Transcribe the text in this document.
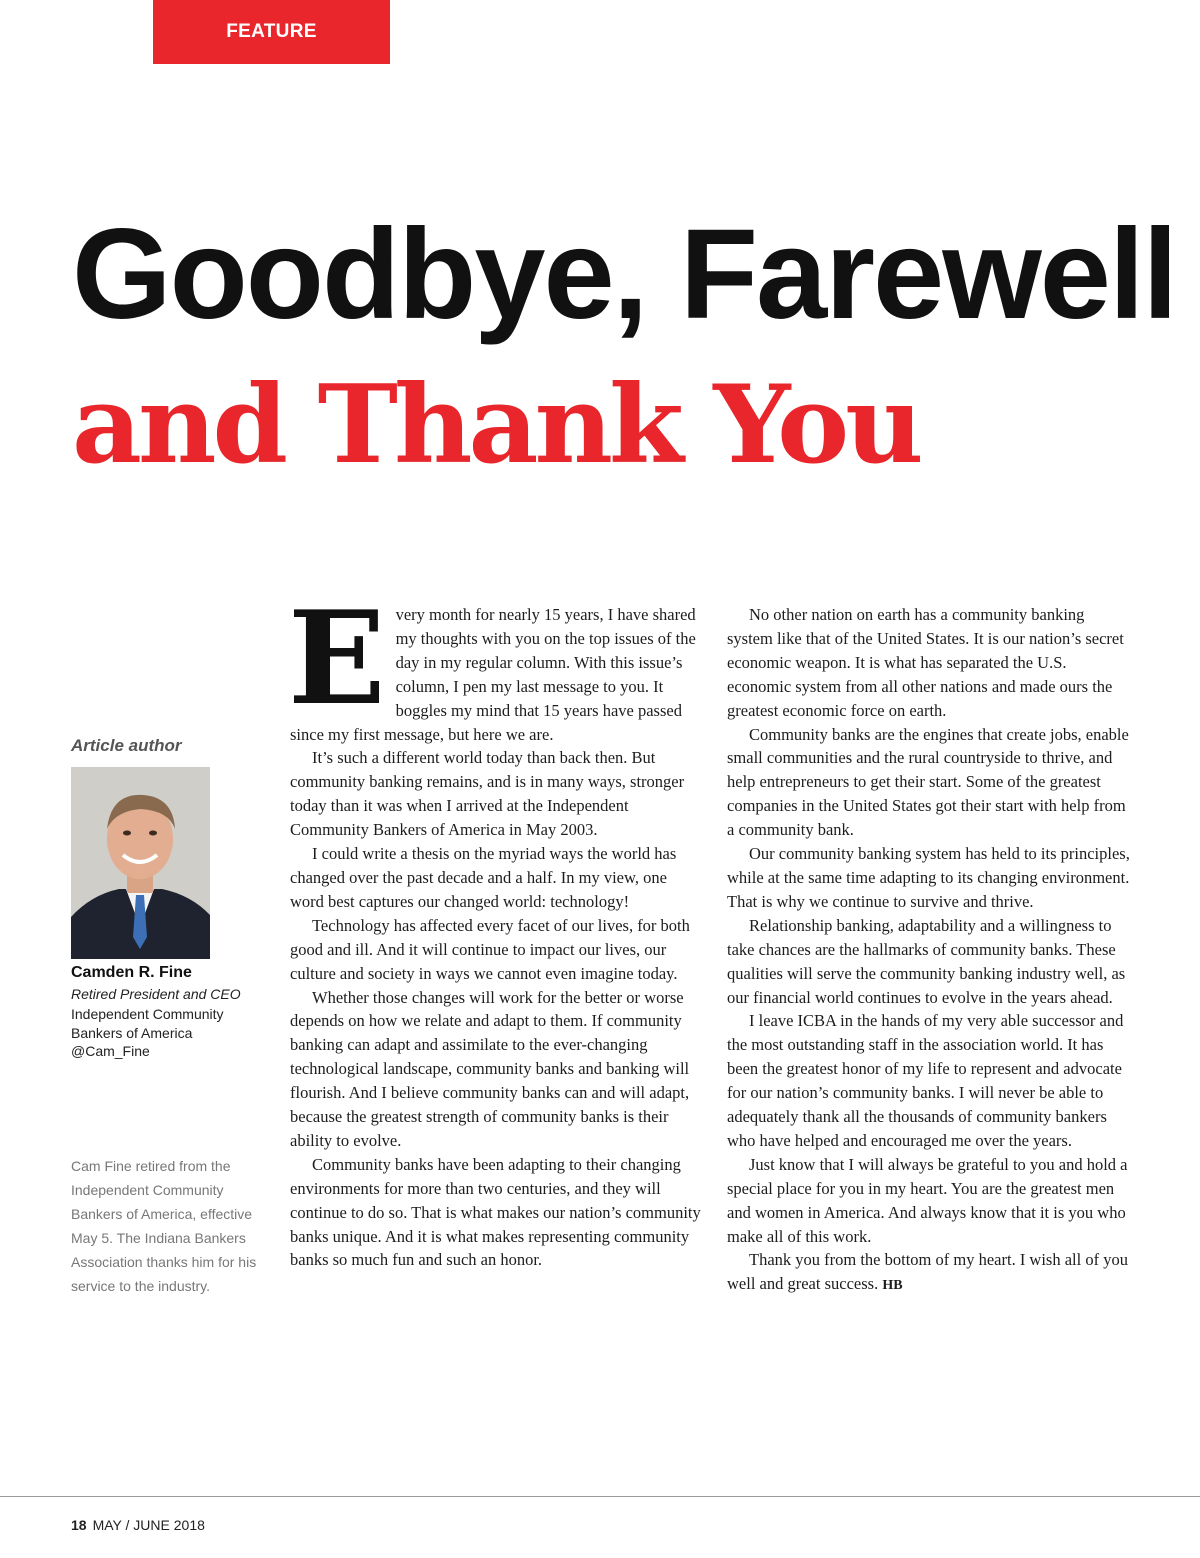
FEATURE
Goodbye, Farewell
and Thank You
Article author
Camden R. Fine
Retired President and CEO
Independent Community Bankers of America
@Cam_Fine
Cam Fine retired from the Independent Community Bankers of America, effective May 5. The Indiana Bankers Association thanks him for his service to the industry.

Every month for nearly 15 years, I have shared my thoughts with you on the top issues of the day in my regular column. With this issue’s column, I pen my last message to you. It boggles my mind that 15 years have passed since my first message, but here we are.

It’s such a different world today than back then. But community banking remains, and is in many ways, stronger today than it was when I arrived at the Independent Community Bankers of America in May 2003.

I could write a thesis on the myriad ways the world has changed over the past decade and a half. In my view, one word best captures our changed world: technology!

Technology has affected every facet of our lives, for both good and ill. And it will continue to impact our lives, our culture and society in ways we cannot even imagine today.

Whether those changes will work for the better or worse depends on how we relate and adapt to them. If community banking can adapt and assimilate to the ever-changing technological landscape, community banks and banking will flourish. And I believe community banks can and will adapt, because the greatest strength of community banks is their ability to evolve.

Community banks have been adapting to their changing environments for more than two centuries, and they will continue to do so. That is what makes our nation’s community banks unique. And it is what makes representing community banks so much fun and such an honor.

No other nation on earth has a community banking system like that of the United States. It is our nation’s secret economic weapon. It is what has separated the U.S. economic system from all other nations and made ours the greatest economic force on earth.

Community banks are the engines that create jobs, enable small communities and the rural countryside to thrive, and help entrepreneurs to get their start. Some of the greatest companies in the United States got their start with help from a community bank.

Our community banking system has held to its principles, while at the same time adapting to its changing environment. That is why we continue to survive and thrive.

Relationship banking, adaptability and a willingness to take chances are the hallmarks of community banks. These qualities will serve the community banking industry well, as our financial world continues to evolve in the years ahead.

I leave ICBA in the hands of my very able successor and the most outstanding staff in the association world. It has been the greatest honor of my life to represent and advocate for our nation’s community banks. I will never be able to adequately thank all the thousands of community bankers who have helped and encouraged me over the years.

Just know that I will always be grateful to you and hold a special place for you in my heart. You are the greatest men and women in America. And always know that it is you who make all of this work.

Thank you from the bottom of my heart. I wish all of you well and great success. HB

18 MAY / JUNE 2018
